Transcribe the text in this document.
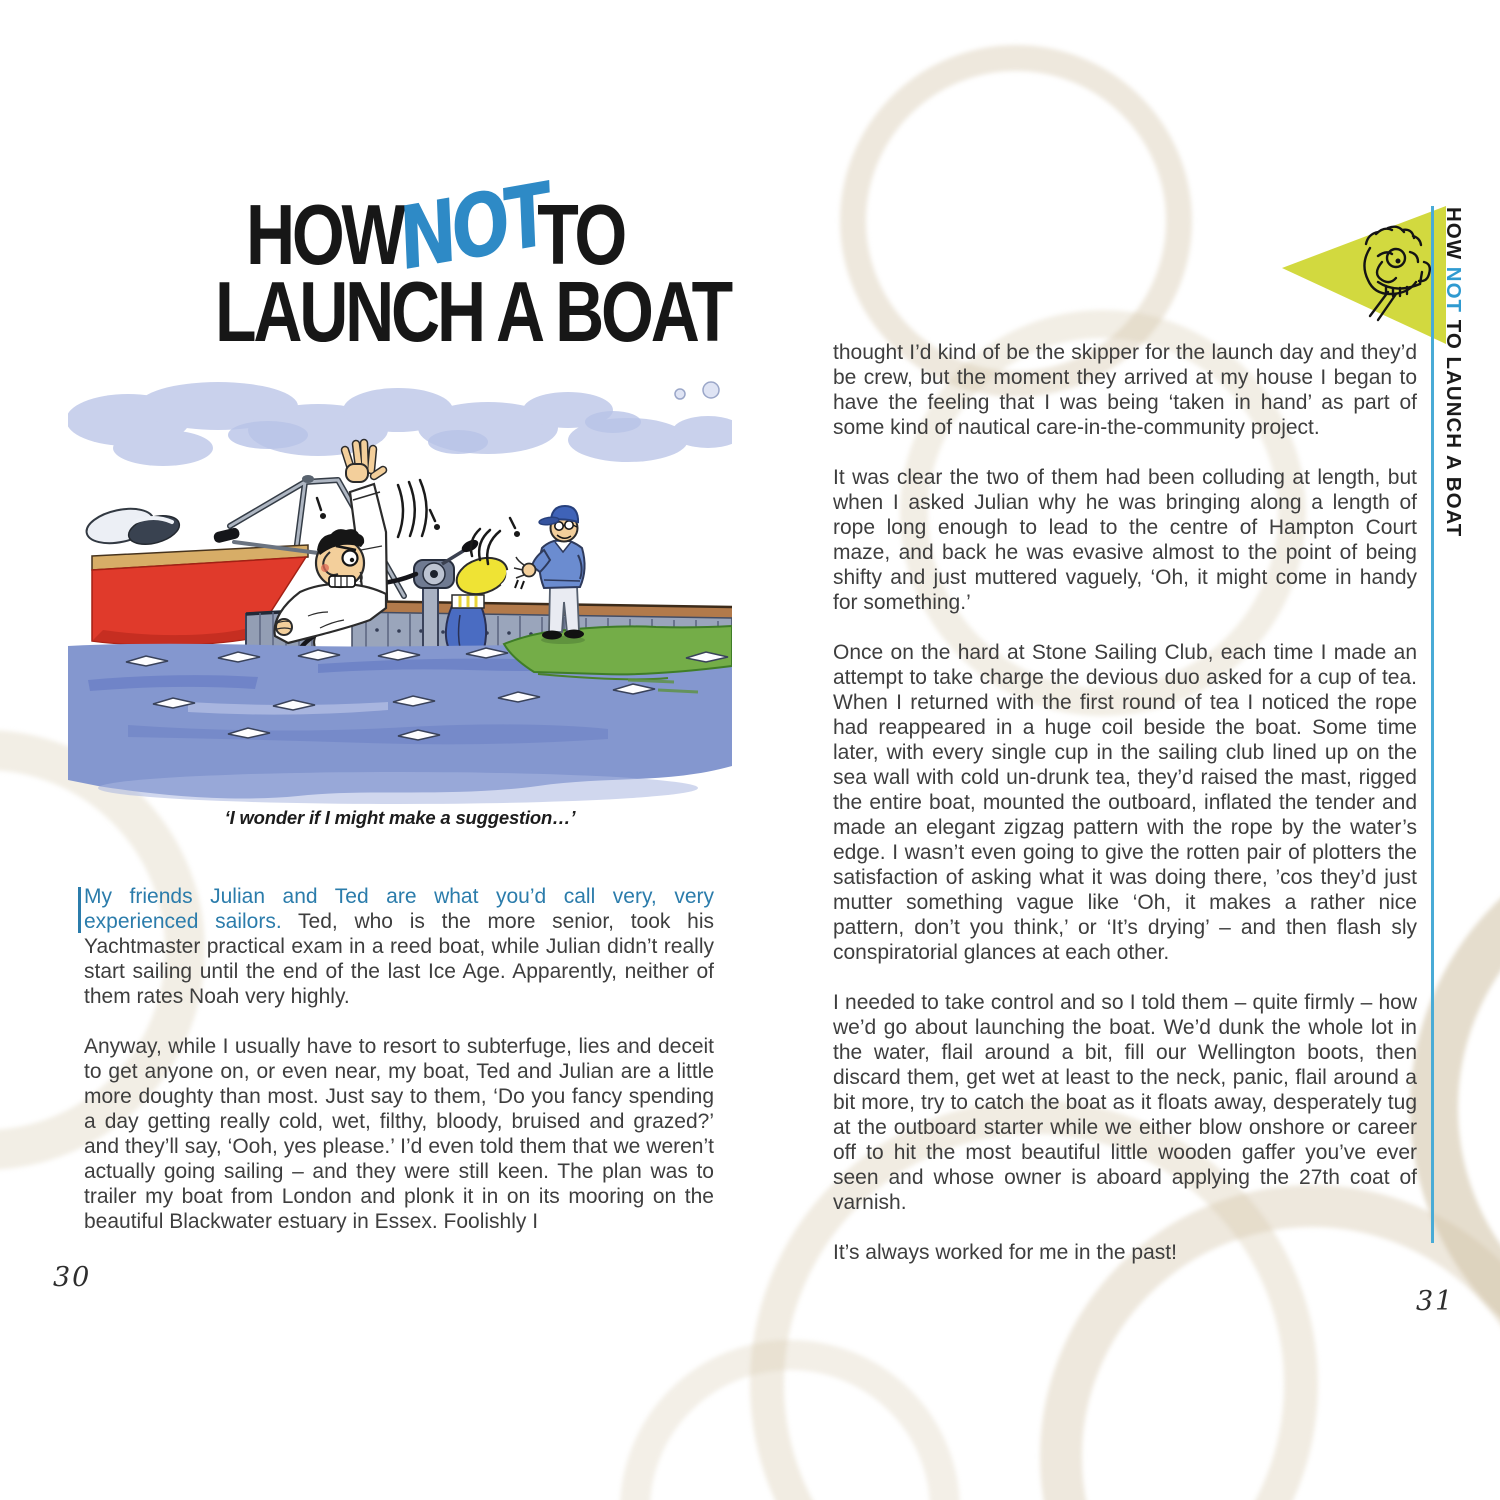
HOWNOTTO
LAUNCH A BOAT
‘I wonder if I might make a suggestion…’

My friends Julian and Ted are what you’d call very, very experienced sailors. Ted, who is the more senior, took his Yachtmaster practical exam in a reed boat, while Julian didn’t really start sailing until the end of the last Ice Age. Apparently, neither of them rates Noah very highly.

Anyway, while I usually have to resort to subterfuge, lies and deceit to get anyone on, or even near, my boat, Ted and Julian are a little more doughty than most. Just say to them, ‘Do you fancy spending a day getting really cold, wet, filthy, bloody, bruised and grazed?’ and they’ll say, ‘Ooh, yes please.’ I’d even told them that we weren’t actually going sailing – and they were still keen. The plan was to trailer my boat from London and plonk it in on its mooring on the beautiful Blackwater estuary in Essex. Foolishly I

30

thought I’d kind of be the skipper for the launch day and they’d be crew, but the moment they arrived at my house I began to have the feeling that I was being ‘taken in hand’ as part of some kind of nautical care-in-the-community project.

It was clear the two of them had been colluding at length, but when I asked Julian why he was bringing along a length of rope long enough to lead to the centre of Hampton Court maze, and back he was evasive almost to the point of being shifty and just muttered vaguely, ‘Oh, it might come in handy for something.’

Once on the hard at Stone Sailing Club, each time I made an attempt to take charge the devious duo asked for a cup of tea. When I returned with the first round of tea I noticed the rope had reappeared in a huge coil beside the boat. Some time later, with every single cup in the sailing club lined up on the sea wall with cold un-drunk tea, they’d raised the mast, rigged the entire boat, mounted the outboard, inflated the tender and made an elegant zigzag pattern with the rope by the water’s edge. I wasn’t even going to give the rotten pair of plotters the satisfaction of asking what it was doing there, ’cos they’d just mutter something vague like ‘Oh, it makes a rather nice pattern, don’t you think,’ or ‘It’s drying’ – and then flash sly conspiratorial glances at each other.

I needed to take control and so I told them – quite firmly – how we’d go about launching the boat. We’d dunk the whole lot in the water, flail around a bit, fill our Wellington boots, then discard them, get wet at least to the neck, panic, flail around a bit more, try to catch the boat as it floats away, desperately tug at the outboard starter while we either blow onshore or career off to hit the most beautiful little wooden gaffer you’ve ever seen and whose owner is aboard applying the 27th coat of varnish.

It’s always worked for me in the past!

HOW NOT TO LAUNCH A BOAT
31
